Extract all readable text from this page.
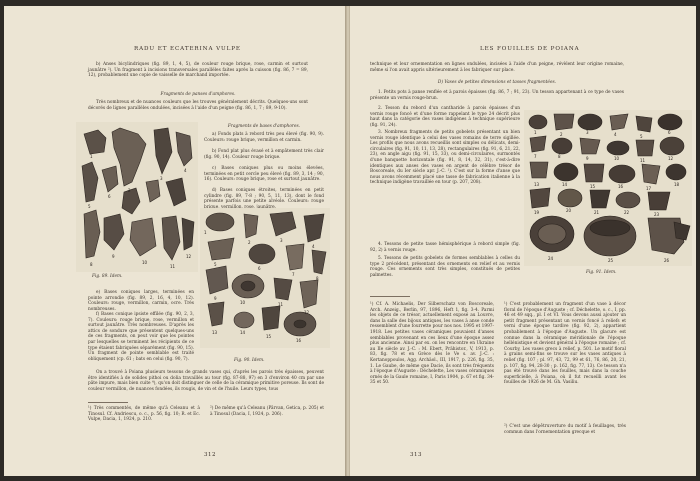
RADU ET ECATERINA VULPE
b) Anses bicylindriques (fig. 89, 1, 4, 5), de couleur rouge brique, rose, carmin et surtout jaunâtre ²). Un fragment à incisions transversales parallèles faites après la cuisson (fig. 86, 7 = 89, 12), probablement une copie de vaisselle de marchand importée.
Fragments de panses d'amphores.
Très nombreux et de nuances couleurs que les trouves généralement décrits. Quelques-uns sont décorés de lignes parallèles ondulées, incisées à l'aide d'un peigne (fig. 86, 1, 7 ; 89, 9-10).
1
2
3
4
5
6
8
9
10
11
12
Fig. 89. Idem.
Fragments de bases d'amphores.
a) Fonds plats à rebord très peu élevé (fig. 90, 9). Couleurs: rouge brique, vermillon et carmin.
b) Fond plat plus évasé et à empâtement très clair (fig. 90, 14). Couleur rouge brique.
c) Bases coniques plus ou moins élevées, terminées en petit cercle peu élevé (fig. 89, 3, 14 ; 90, 16). Couleurs: rouge brique, rose et surtout jaunâtre.
d) Bases coniques étroites, terminées en petit cylindre (fig. 89, 7-8 ; 90, 5, 11, 13), dont le fond présente parfois une petite alvéole. Couleurs: rouge
1
2	3
4
5
6
7
8
9
10	11
12
13	14
15
16
Fig. 90. Idem.
e) Bases coniques larges, terminées en pointe arrondie (fig. 89, 2, 16, 4, 10, 12). Couleurs: rouge, vermillon, carmin, ocre. Très nombreuses.
f) Bases conique ipsiste effilée (fig. 90, 2, 3, 7). Couleurs: rouge brique, rose, vermillon et surtout jaunâtre. Très nombreuses. D'après les attics de sondure que présentent quelques-uns de ces fragments, on peut voir que les pointes par lesquelles se terminent les récipients de ce type étaient fabriquées séparément (fig. 90, 15). Un fragment de pointe semblable est traité obliquement (cp. 61 ; bats en celui (fig. 90, 7).
On a trouvé à Poiana plusieurs tessons de grands vases qui, d'après les parois très épaisses, peuvent être identifiés à de solides pithoi ou dolia travaillés au tour (fig. 87-88, 97) en 3 d'environ 40 cm par une pâte impure, mais bien cuite ⁴), qu'on doit distinguer de celle de la céramique primitive poreuse. Ils sont de couleur vermillon, de nuances fondées, ils rougis, de vin et de l'huile. Leurs types, tous
¹) Très commentés, de même qu'à Celeanu et à Tinosul. Cf. Andriescu, o. c., p. 56, fig. 10; R. et Ec. Vulpe, Dacia, 1, 1924, p. 210.
²) De même qu'à Celeanu (Pârvan, Getica, p. 205) et à Tinosul (Dacia, I, 1924, p. 206).
312
LES FOUILLES DE POIANA
technique et leur ornementation en lignes ondulées, incisées à l'aide d'un peigne, révèlent leur origine romaine, même si l'on avait appris ultérieurement à les fabriquer sur place.
D) Vases de petites dimensions et tasses fragmentées.
1. Petits pots à panse renflée et à parois épaisses (fig. 86, 7 ; 91, 23). Un tesson appartenant à ce type de vases présente un vernis rouge-brun.
2. Tesson du rebord d'un cantharide à parois épaisses d'un vernis rouge foncé et d'une forme rappelant le type 24 décrit plus haut dans la catégorie des vases indigènes à technique supérieure (fig. 91, 24).
3. Nombreux fragments de petits gobelets présentant un bien vernis rouge identique à celui des vases romains de terre sigillée. Les profils que nous avons recueillis sont simples ou délicats, demi-circulaires (fig. 91, 10, 11, 13, 28), rectangulaires (fig. 91, 6, 21, 22, 23), en angle aigu (fig. 91, 15, 33), ou demi-circulaires, surmontés d'une banquette horizontale (fig. 91, 8, 14, 32, 31), c'est-à-dire identiques aux anses des vases en argent de célèbre trésor de Boscoreale, du Ier siècle apr. J.-C. ¹). C'est sur la forme d'anse que nous avons récemment placé une tasse de fabrication italienne à la technique indigène travaillée en tour (p. 207, 208).
4. Tessons de petite tasse hémisphérique à rebord simple (fig. 92, 2) à vernis rouge.
5. Tessons de petits gobelets de formes semblables à celles du type 2 précédent, présentant des ornements en relief et au vernis rouge. Ces ornements sont très simples, constitués de petites palmettes.
1	2	3	4	5
6
7	8	9	10	11	12
13	14	15	16	17
18
19	20	21	22	23
24	25	26
Fig. 91. Idem.
¹) Cf. A. Michaelis, Der Silberschatz von Boscoreale, Arch. Anzeig., Berlin, 97, 1896, Heft 1, fig. 3-4. Parmi les objets de ce trésor, actuellement exposé au Louvre, dans la salle des bijoux antiques, les vases à anse conde ressemblent d'une fourrette pour nos nos. 1995 et 1997-1918. Les petites vases céramiques pouvaient d'anses semblables provenant en ces lieux d'une époque assez plus ancienne. Ainsi par ex. on les rencontre en Ukraine au IIe siècle av. J.-C. : M. Ebert, Prähistor., V, 1913, p. 83, fig. 78 et en Grèce dès le Ve s. av. J.-C. : Kertanoppoulos, Agg. Archäol., III, 1917, p. 226, fig. 35, 1. Le Gaube, de même que Dacie, ils sont très fréquents à l'époque d'Auguste : Déchelette, Les vases céramiques ornés de la Gaule romaine, I, Paris 1904, p. 67 et fig. 34-35 et 50.
¹) C'est probablement un fragment d'un vase à décor floral de l'époque d'Auguste ; cf. Déchelette, o. c., I, pp. 46 et 49 sqq., pl. I et VI. Vous devons aussi ajouter un petit fragment présentant un vernis foncé à reliefs et verni d'une époque tardive (fig. 92, 2), appartient probablement à l'époque d'Auguste. Un glacure est connue dans la céramique méridionale de l'époque hellénistique et devient général à l'époque romaine ; cf. Courby, Les vases grecs à relief, p. 501. Le motif floral à grains semi-fins se trouve sur les vases antiques à relief (fig. 107 ; pl. 97, 43, 72, 99 et 61, 76, 86, 20, 21, p. 107, fig. 94, 28-30 ; p. 162, fig. 77, 13). Ce tesson n'a pas été trouvé dans les fouilles, mais dans la couche superficielle, à Poiana, où il fut recueilli avant les fouilles de 1926 de M. Gh. Vasiliu.
²) C'est une dépêtruverture du motif à feuillages, très commun dans l'ornementation grecque et
313
